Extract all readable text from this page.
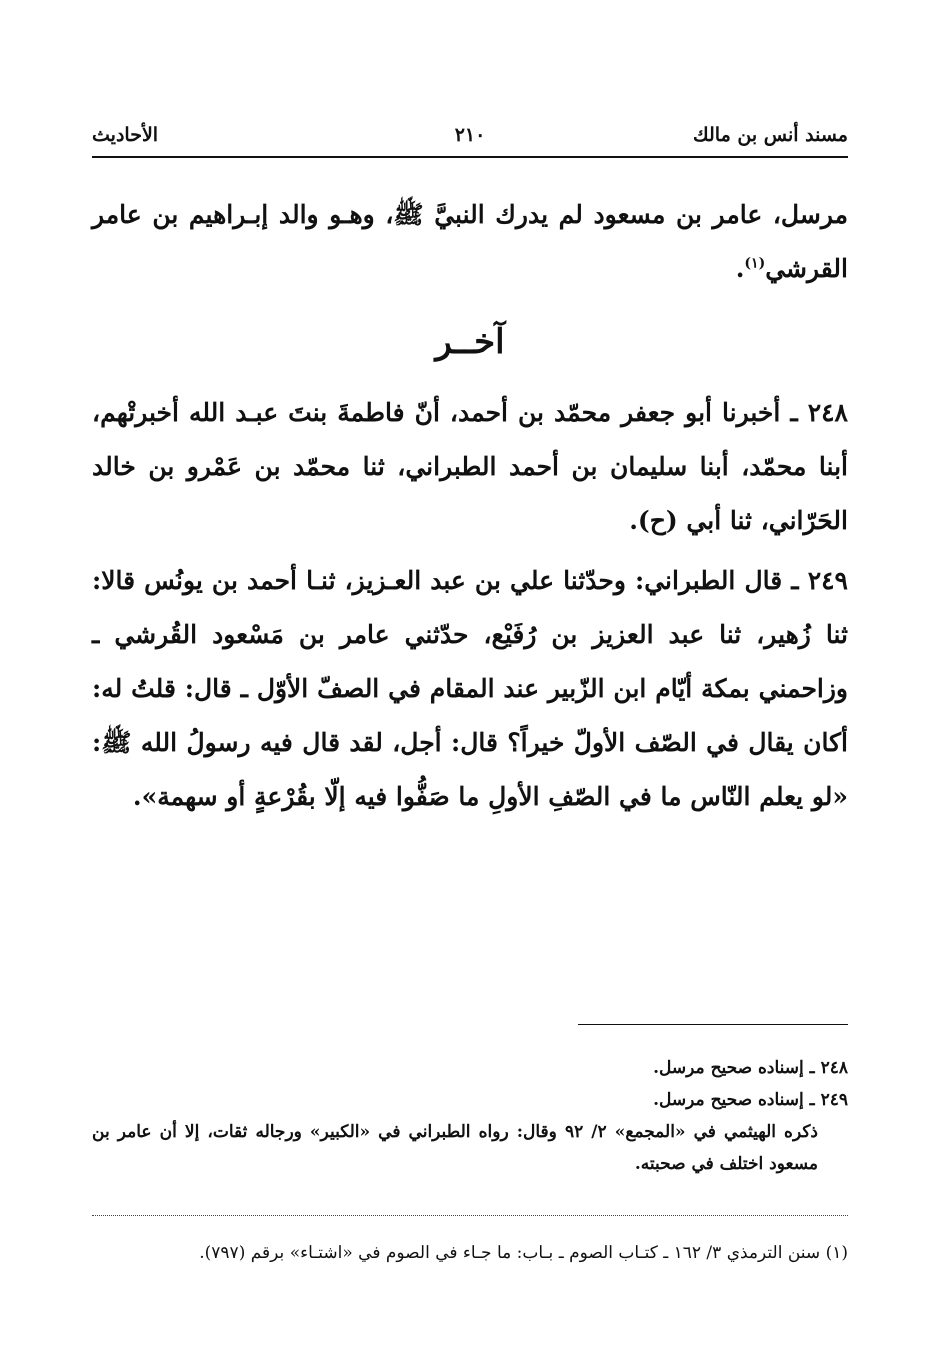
مسند أنس بن مالك
٢١٠
الأحاديث

مرسل، عامر بن مسعود لم يدرك النبيَّ ﷺ، وهـو والد إبـراهيم بن عامر القرشي$^{(١)}$.

آخــر

٢٤٨ ـ أخبرنا أبو جعفر محمّد بن أحمد، أنّ فاطمةَ بنتَ عبـد الله أخبرتْهم، أبنا محمّد، أبنا سليمان بن أحمد الطبراني، ثنا محمّد بن عَمْرو بن خالد الحَرّاني، ثنا أبي (ح).

٢٤٩ ـ قال الطبراني: وحدّثنا علي بن عبد العـزيز، ثنـا أحمد بن يونُس قالا: ثنا زُهير، ثنا عبد العزيز بن رُفَيْع، حدّثني عامر بن مَسْعود القُرشي ـ وزاحمني بمكة أيّام ابن الزّبير عند المقام في الصفّ الأوّل ـ قال: قلتُ له: أكان يقال في الصّف الأولّ خيراً؟ قال: أجل، لقد قال فيه رسولُ الله ﷺ: «لو يعلم النّاس ما في الصّفِ الأولِ ما صَفُّوا فيه إلّا بقُرْعةٍ أو سهمة».

٢٤٨ ـ إسناده صحيح مرسل.

٢٤٩ ـ إسناده صحيح مرسل.

ذكره الهيثمي في «المجمع» ٢/ ٩٢ وقال: رواه الطبراني في «الكبير» ورجاله ثقات، إلا أن عامر بن مسعود اختلف في صحبته.

(١) سنن الترمذي ٣/ ١٦٢ ـ كتـاب الصوم ـ بـاب: ما جـاء في الصوم في «اشتـاء» برقم (٧٩٧).
